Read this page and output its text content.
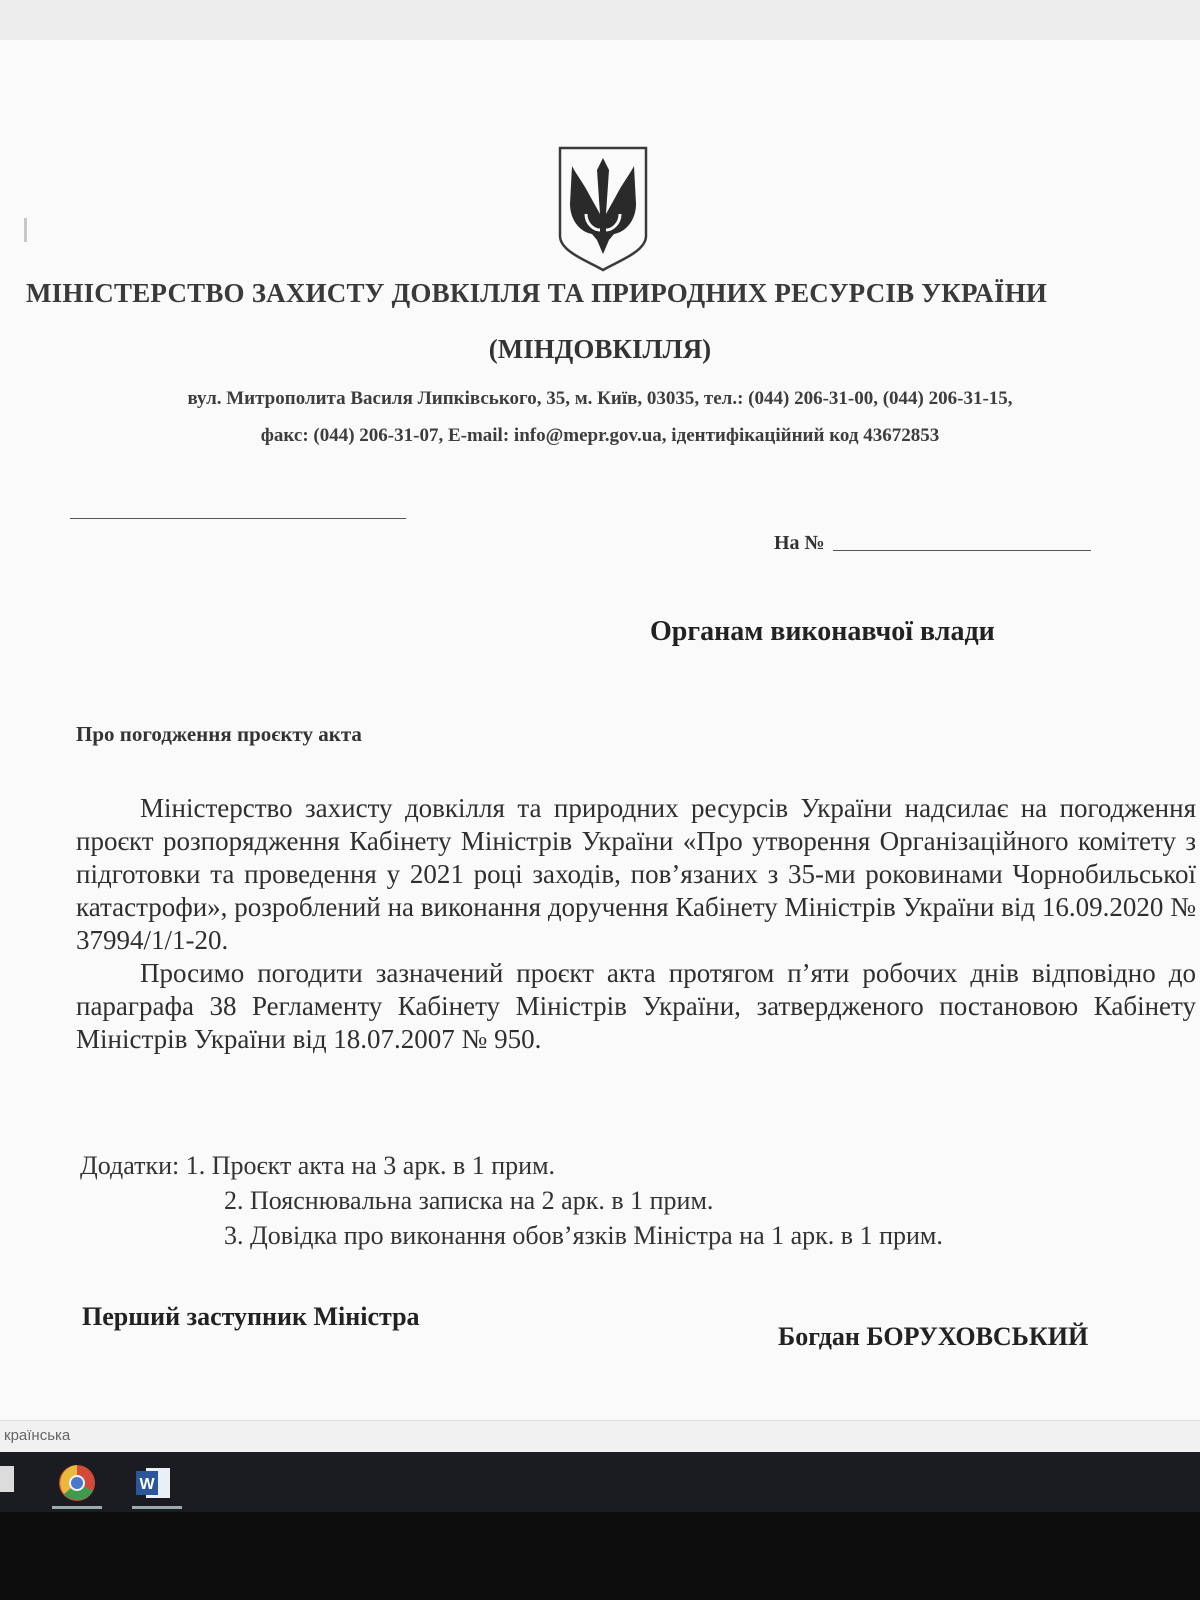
МІНІСТЕРСТВО ЗАХИСТУ ДОВКІЛЛЯ ТА ПРИРОДНИХ РЕСУРСІВ УКРАЇНИ
(МІНДОВКІЛЛЯ)
вул. Митрополита Василя Липківського, 35, м. Київ, 03035, тел.: (044) 206-31-00, (044) 206-31-15,
факс: (044) 206-31-07, E-mail: info@mepr.gov.ua, ідентифікаційний код 43672853
На №
Органам виконавчої влади
Про погодження проєкту акта

Міністерство захисту довкілля та природних ресурсів України надсилає на погодження проєкт розпорядження Кабінету Міністрів України «Про утворення Організаційного комітету з підготовки та проведення у 2021 році заходів, пов’язаних з 35-ми роковинами Чорнобильської катастрофи», розроблений на виконання доручення Кабінету Міністрів України від 16.09.2020 № 37994/1/1-20.

Просимо погодити зазначений проєкт акта протягом п’яти робочих днів відповідно до параграфа 38 Регламенту Кабінету Міністрів України, затвердженого постановою Кабінету Міністрів України від 18.07.2007 № 950.

Додатки: 1. Проєкт акта на 3 арк. в 1 прим.
2. Пояснювальна записка на 2 арк. в 1 прим.
3. Довідка про виконання обов’язків Міністра на 1 арк. в 1 прим.
Перший заступник Міністра
Богдан БОРУХОВСЬКИЙ
країнська
W
